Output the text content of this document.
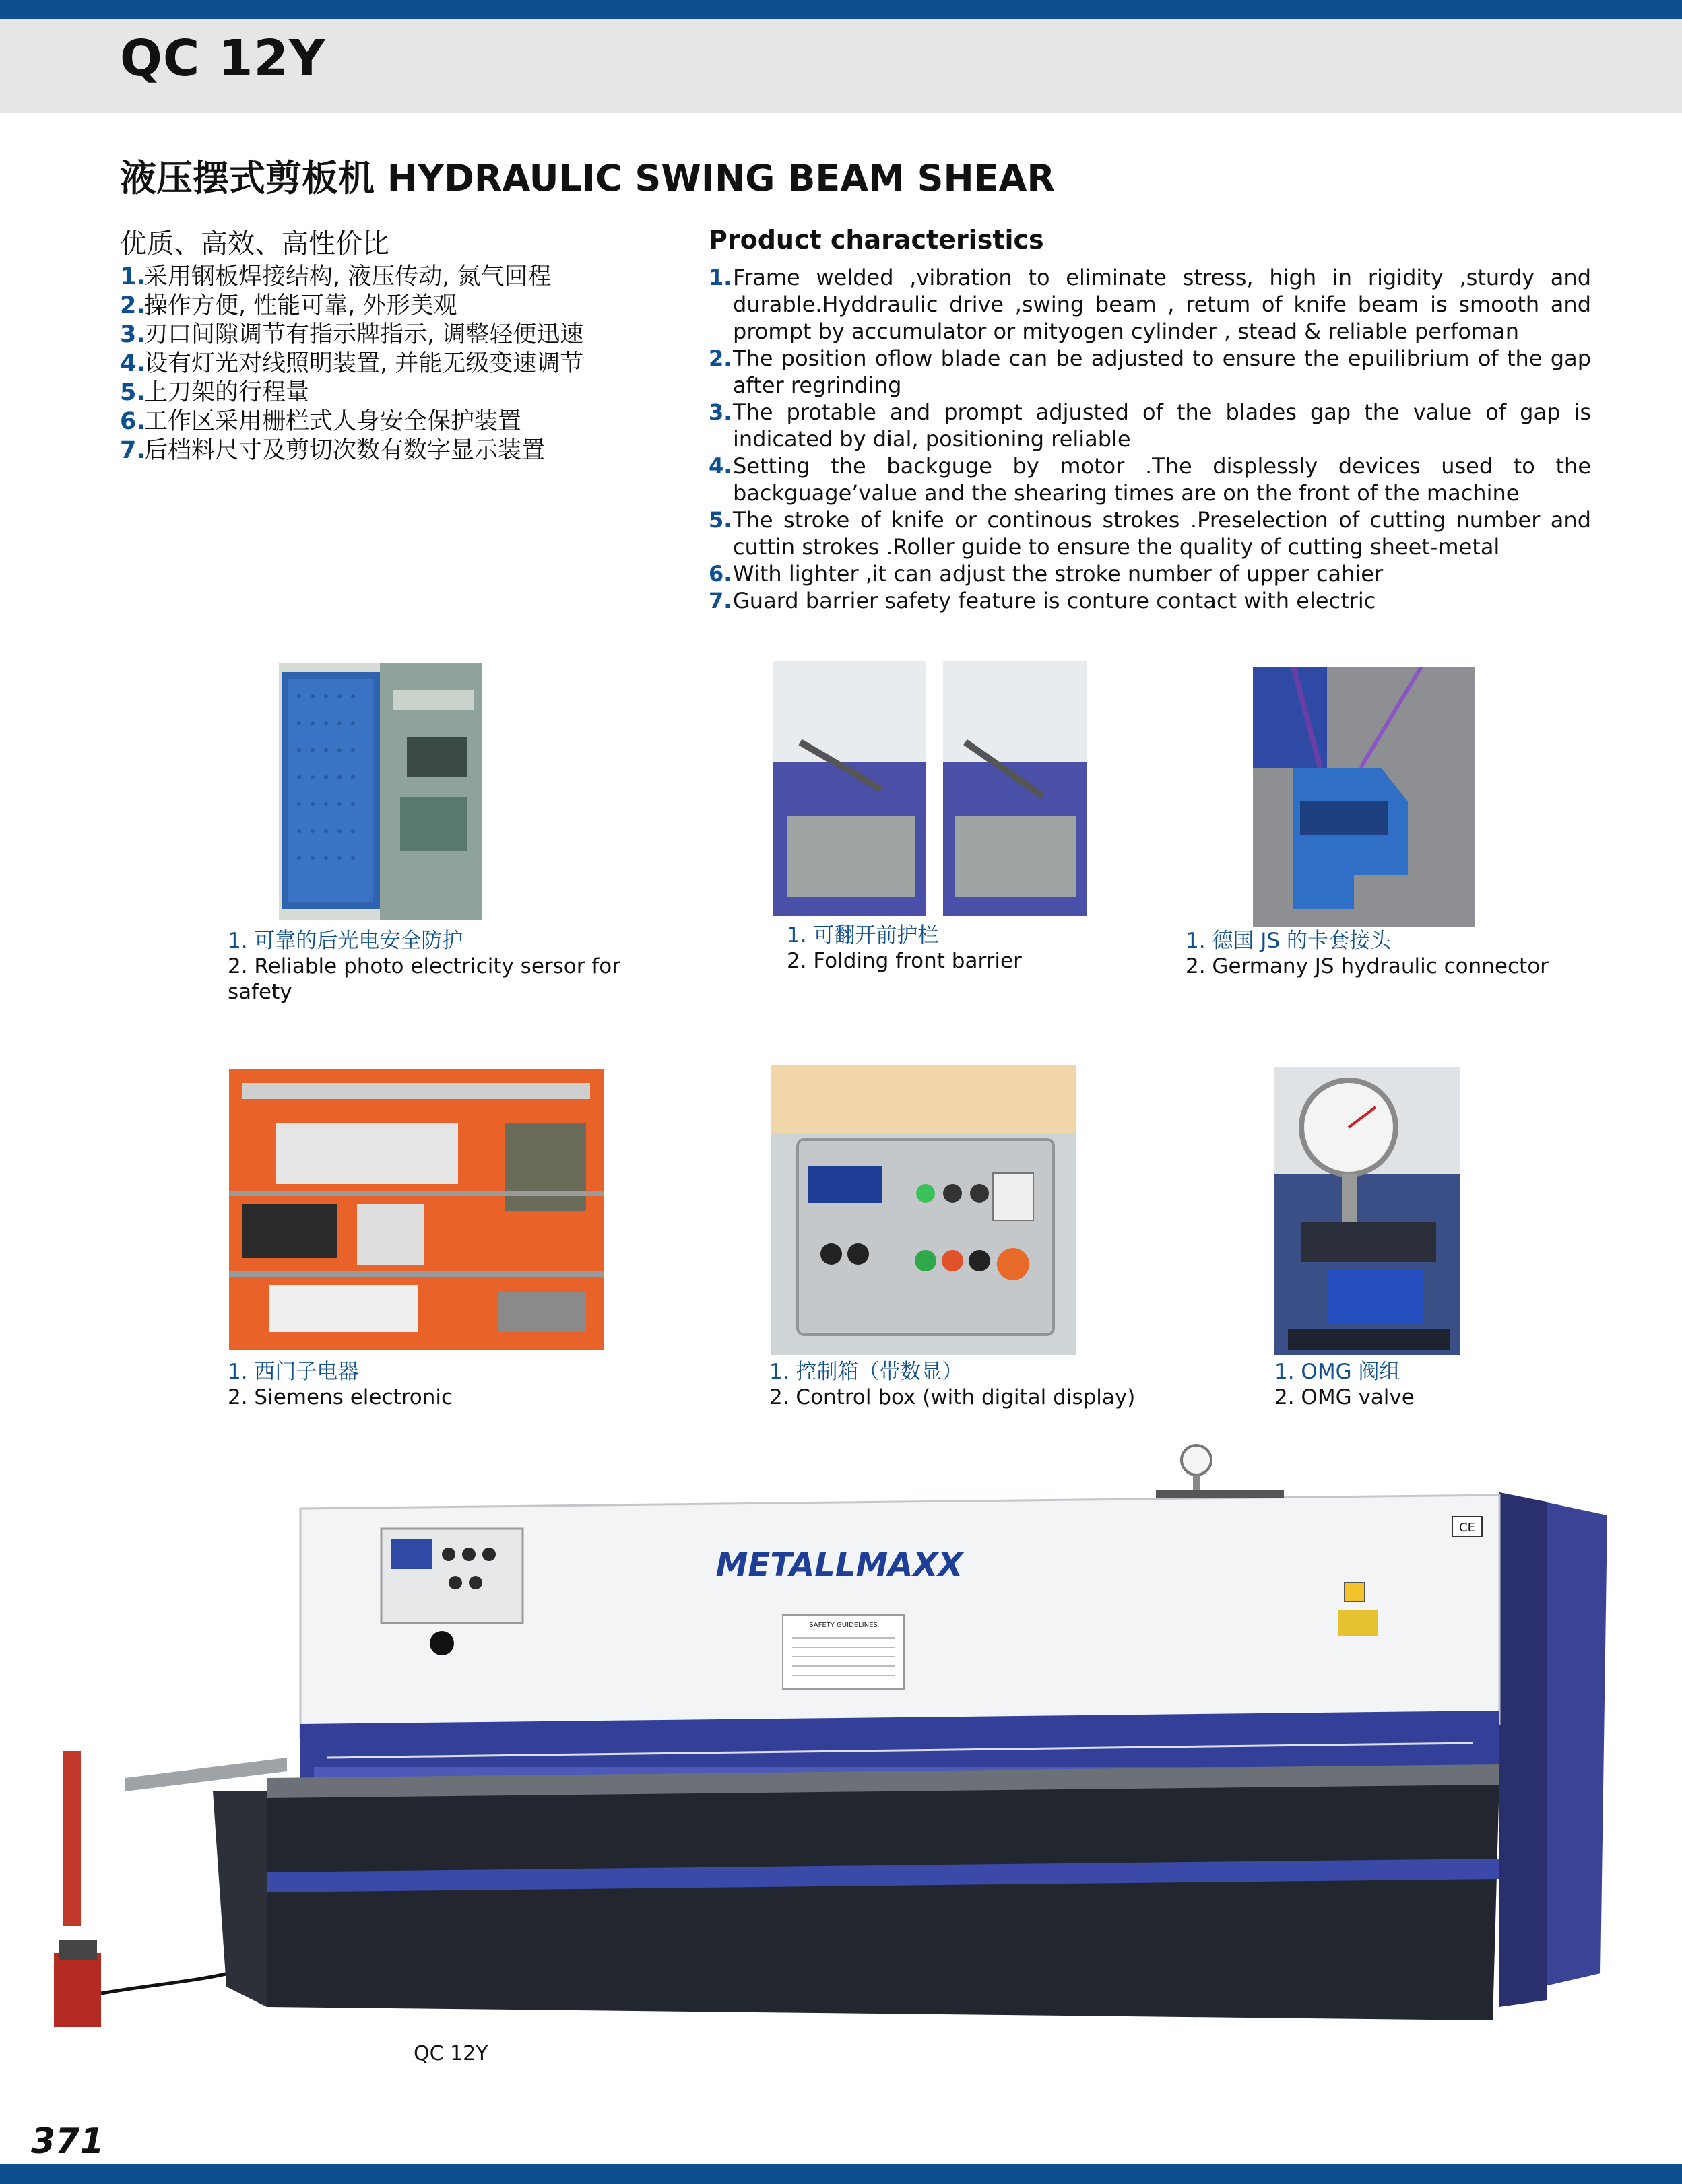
QC 12Y
液压摆式剪板机 HYDRAULIC SWING BEAM SHEAR
优质、高效、高性价比
1.采用钢板焊接结构, 液压传动, 氮气回程
2.操作方便, 性能可靠, 外形美观
3.刃口间隙调节有指示牌指示, 调整轻便迅速
4.设有灯光对线照明装置, 并能无级变速调节
5.上刀架的行程量
6.工作区采用栅栏式人身安全保护装置
7.后档料尺寸及剪切次数有数字显示装置
Product characteristics
1.Frame welded ,vibration to eliminate stress, high in rigidity ,sturdy and durable.Hyddraulic drive ,swing beam , retum of knife beam is smooth and prompt by accumulator or mityogen cylinder , stead & reliable perfoman
2.The position oflow blade can be adjusted to ensure the epuilibrium of the gap after regrinding
3.The protable and prompt adjusted of the blades gap the value of gap is indicated by dial, positioning reliable
4.Setting the backguge by motor .The displessly devices used to the backguage’value and the shearing times are on the front of the machine
5.The stroke of knife or continous strokes .Preselection of cutting number and cuttin strokes .Roller guide to ensure the quality of cutting sheet-metal
6.With lighter ,it can adjust the stroke number of upper cahier
7.Guard barrier safety feature is conture contact with electric
1. 可靠的后光电安全防护
2. Reliable photo electricity sersor for safety
1. 可翻开前护栏
2. Folding front barrier
1. 德国 JS 的卡套接头
2. Germany JS hydraulic connector
1. 西门子电器
2. Siemens electronic
1. 控制箱（带数显）
2. Control box (with digital display)
1. OMG 阀组
2. OMG valve
CE
METALLMAXX
SAFETY GUIDELINES
QC 12Y
371
